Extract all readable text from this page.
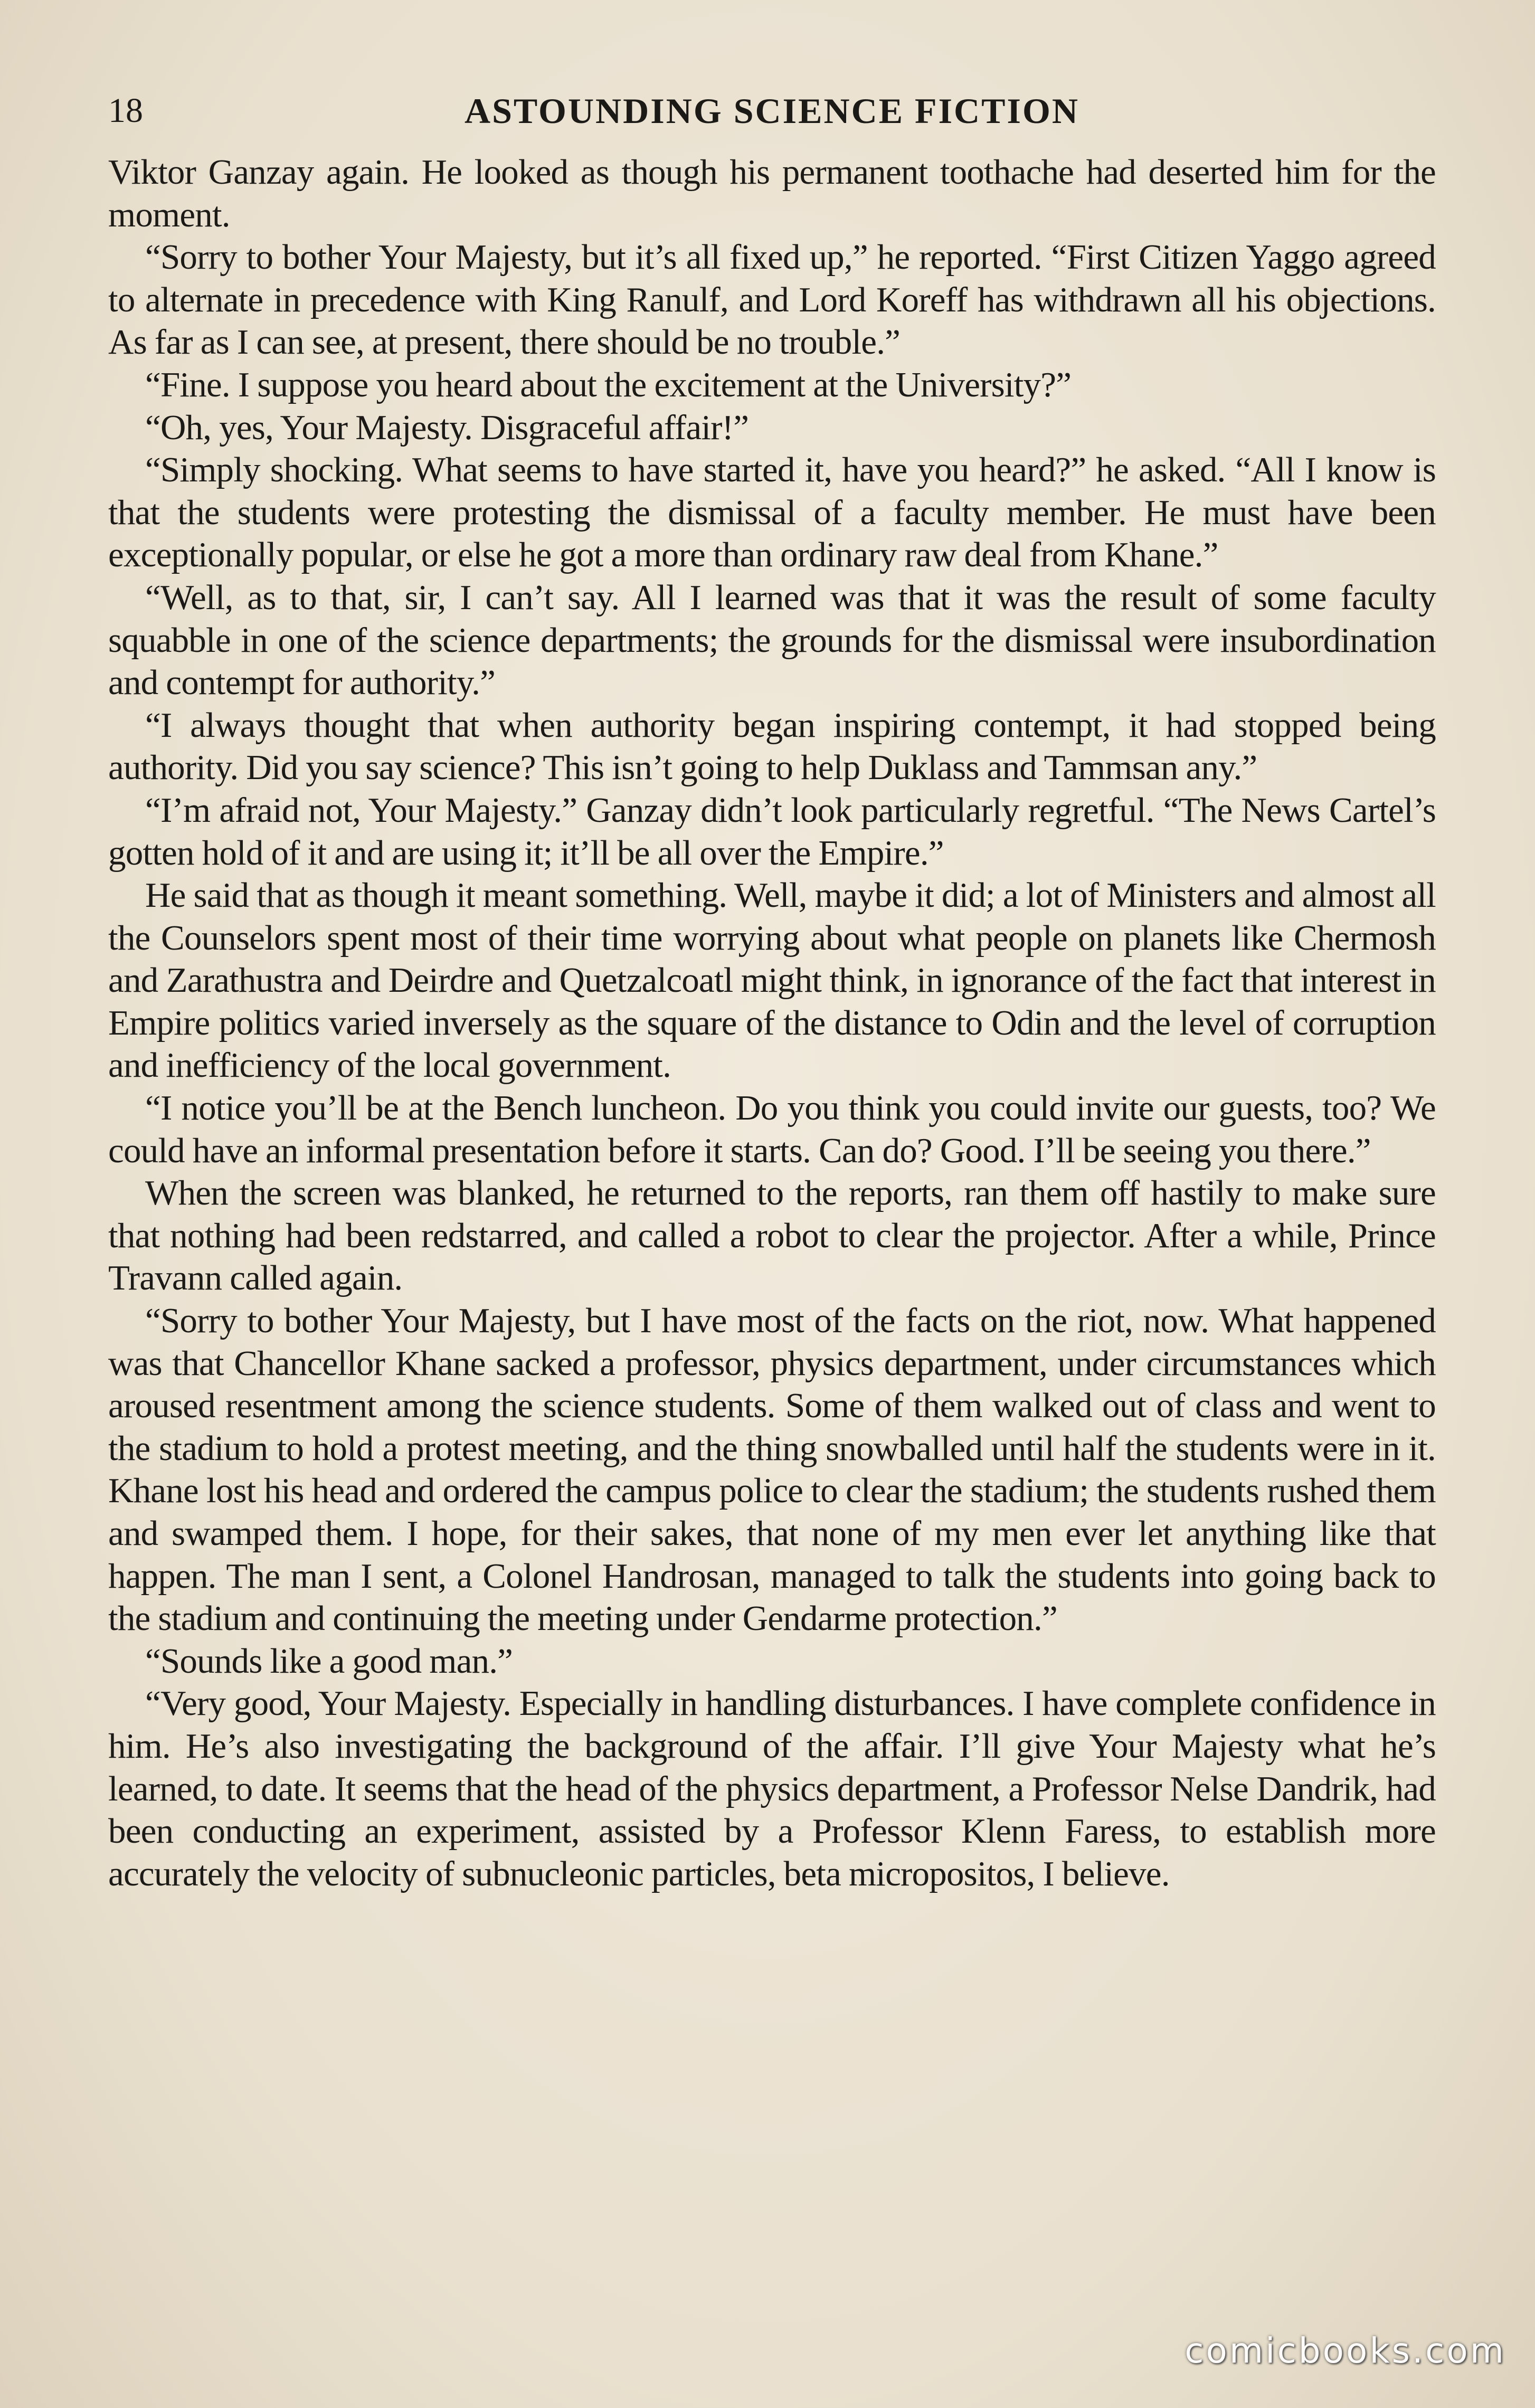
18	ASTOUNDING SCIENCE FICTION

Viktor Ganzay again. He looked as though his permanent toothache had deserted him for the moment.

“Sorry to bother Your Majesty, but it’s all fixed up,” he reported. “First Citizen Yaggo agreed to alternate in precedence with King Ranulf, and Lord Koreff has withdrawn all his objections. As far as I can see, at present, there should be no trouble.”

“Fine. I suppose you heard about the excitement at the University?”

“Oh, yes, Your Majesty. Disgraceful affair!”

“Simply shocking. What seems to have started it, have you heard?” he asked. “All I know is that the students were protesting the dismissal of a faculty member. He must have been exceptionally popular, or else he got a more than ordinary raw deal from Khane.”

“Well, as to that, sir, I can’t say. All I learned was that it was the result of some faculty squabble in one of the science departments; the grounds for the dismissal were insubordination and contempt for authority.”

“I always thought that when authority began inspiring contempt, it had stopped being authority. Did you say science? This isn’t going to help Duklass and Tammsan any.”

“I’m afraid not, Your Majesty.” Ganzay didn’t look particularly regretful. “The News Cartel’s gotten hold of it and are using it; it’ll be all over the Empire.”

He said that as though it meant something. Well, maybe it did; a lot of Ministers and almost all the Counselors spent most of their time worrying about what people on planets like Chermosh and Zarathustra and Deirdre and Quetzalcoatl might think, in ignorance of the fact that interest in Empire politics varied inversely as the square of the distance to Odin and the level of corruption and inefficiency of the local government.

“I notice you’ll be at the Bench luncheon. Do you think you could invite our guests, too? We could have an informal presentation before it starts. Can do? Good. I’ll be seeing you there.”

When the screen was blanked, he returned to the reports, ran them off hastily to make sure that nothing had been redstarred, and called a robot to clear the projector. After a while, Prince Travann called again.

“Sorry to bother Your Majesty, but I have most of the facts on the riot, now. What happened was that Chancellor Khane sacked a professor, physics department, under circumstances which aroused resentment among the science students. Some of them walked out of class and went to the stadium to hold a protest meeting, and the thing snowballed until half the students were in it. Khane lost his head and ordered the campus police to clear the stadium; the students rushed them and swamped them. I hope, for their sakes, that none of my men ever let anything like that happen. The man I sent, a Colonel Handrosan, managed to talk the students into going back to the stadium and continuing the meeting under Gendarme protection.”

“Sounds like a good man.”

“Very good, Your Majesty. Especially in handling disturbances. I have complete confidence in him. He’s also investigating the background of the affair. I’ll give Your Majesty what he’s learned, to date. It seems that the head of the physics department, a Professor Nelse Dandrik, had been conducting an experiment, assisted by a Professor Klenn Faress, to establish more accurately the velocity of subnucleonic particles, beta micropositos, I believe.

comicbooks.com
